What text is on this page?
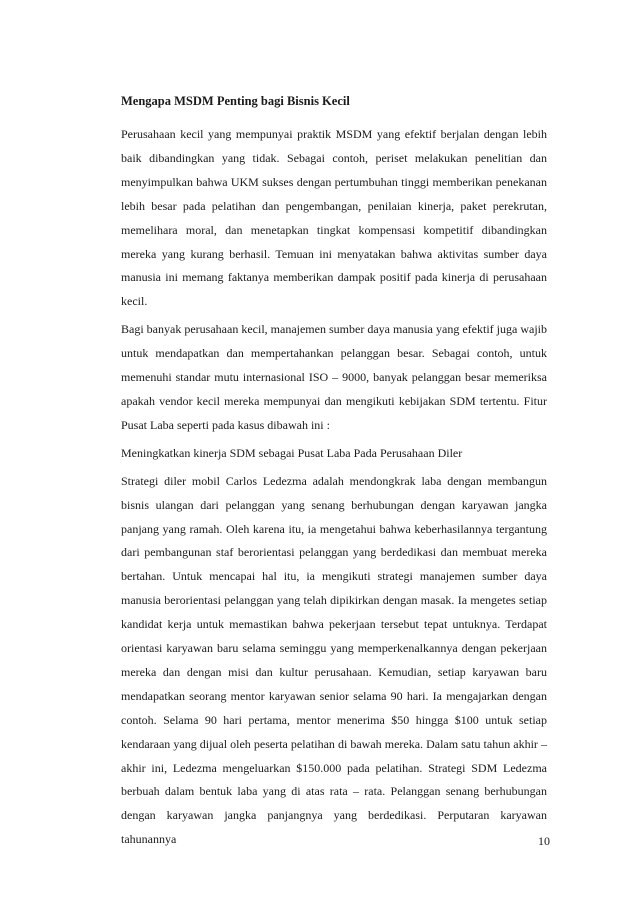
Mengapa MSDM Penting bagi Bisnis Kecil

Perusahaan kecil yang mempunyai praktik MSDM yang efektif berjalan dengan lebih baik dibandingkan yang tidak. Sebagai contoh, periset melakukan penelitian dan menyimpulkan bahwa UKM sukses dengan pertumbuhan tinggi memberikan penekanan lebih besar pada pelatihan dan pengembangan, penilaian kinerja, paket perekrutan, memelihara moral, dan menetapkan tingkat kompensasi kompetitif dibandingkan mereka yang kurang berhasil. Temuan ini menyatakan bahwa aktivitas sumber daya manusia ini memang faktanya memberikan dampak positif pada kinerja di perusahaan kecil.

Bagi banyak perusahaan kecil, manajemen sumber daya manusia yang efektif juga wajib untuk mendapatkan dan mempertahankan pelanggan besar. Sebagai contoh, untuk memenuhi standar mutu internasional ISO – 9000, banyak pelanggan besar memeriksa apakah vendor kecil mereka mempunyai dan mengikuti kebijakan SDM tertentu. Fitur Pusat Laba seperti pada kasus dibawah ini :

Meningkatkan kinerja SDM sebagai Pusat Laba Pada Perusahaan Diler

Strategi diler mobil Carlos Ledezma adalah mendongkrak laba dengan membangun bisnis ulangan dari pelanggan yang senang berhubungan dengan karyawan jangka panjang yang ramah. Oleh karena itu, ia mengetahui bahwa keberhasilannya tergantung dari pembangunan staf berorientasi pelanggan yang berdedikasi dan membuat mereka bertahan. Untuk mencapai hal itu, ia mengikuti strategi manajemen sumber daya manusia berorientasi pelanggan yang telah dipikirkan dengan masak. Ia mengetes setiap kandidat kerja untuk memastikan bahwa pekerjaan tersebut tepat untuknya. Terdapat orientasi karyawan baru selama seminggu yang memperkenalkannya dengan pekerjaan mereka dan dengan misi dan kultur perusahaan. Kemudian, setiap karyawan baru mendapatkan seorang mentor karyawan senior selama 90 hari. Ia mengajarkan dengan contoh. Selama 90 hari pertama, mentor menerima $50 hingga $100 untuk setiap kendaraan yang dijual oleh peserta pelatihan di bawah mereka. Dalam satu tahun akhir – akhir ini, Ledezma mengeluarkan $150.000 pada pelatihan. Strategi SDM Ledezma berbuah dalam bentuk laba yang di atas rata – rata. Pelanggan senang berhubungan dengan karyawan jangka panjangnya yang berdedikasi. Perputaran karyawan tahunannya	10
